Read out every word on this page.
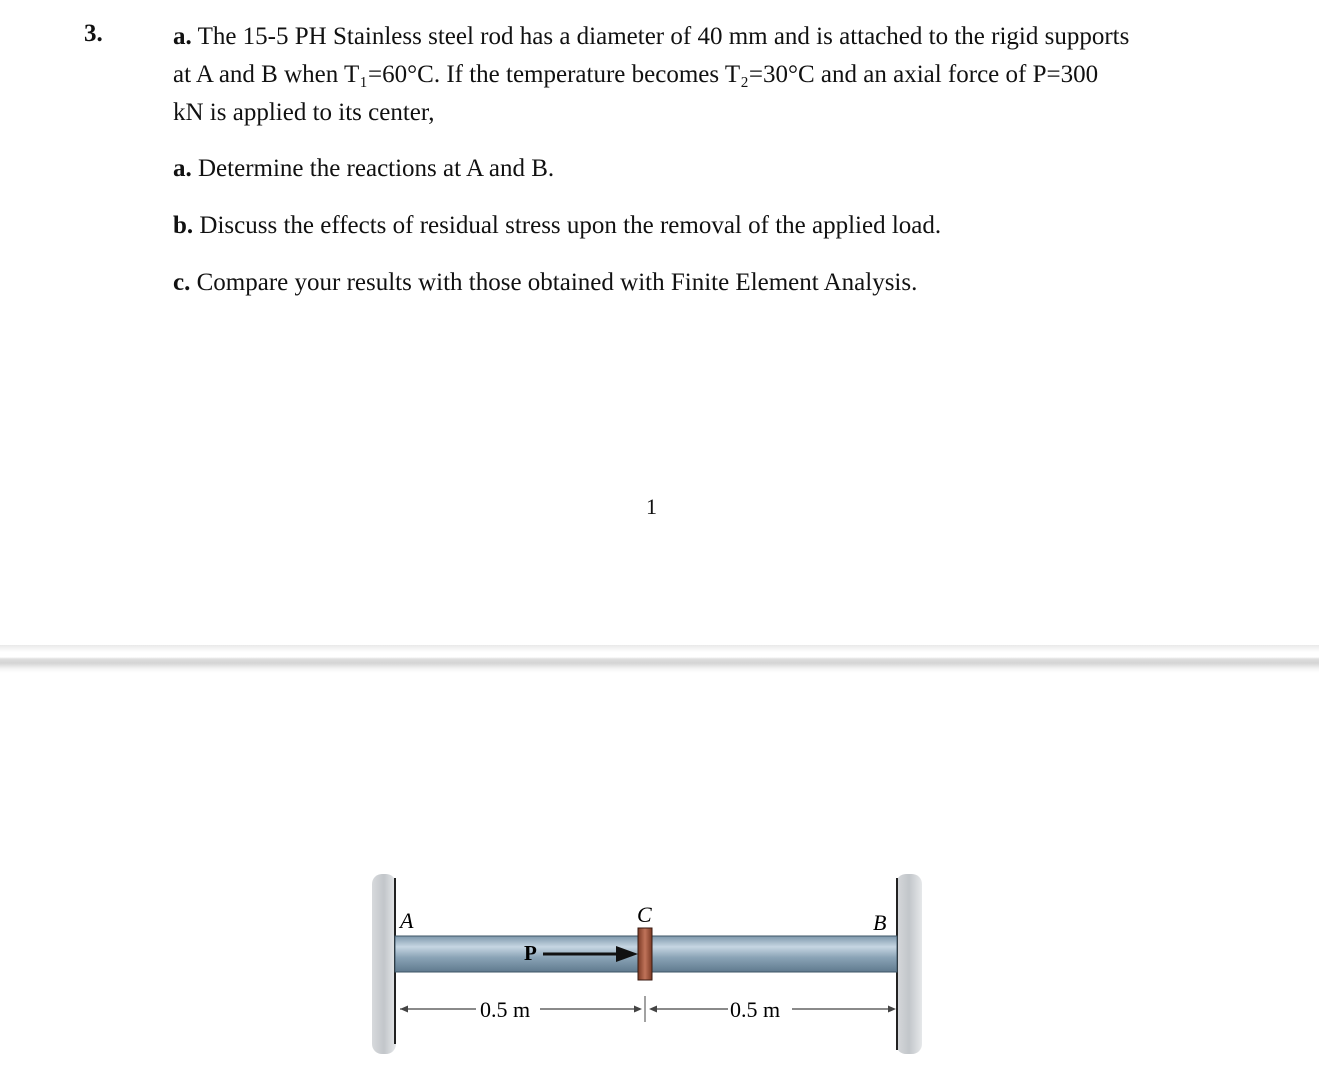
3.	a. The 15-5 PH Stainless steel rod has a diameter of 40 mm and is attached to the rigid supports
at A and B when T₁=60°C. If the temperature becomes T₂=30°C and an axial force of P=300
kN is applied to its center,
a. Determine the reactions at A and B.
b. Discuss the effects of residual stress upon the removal of the applied load.
c. Compare your results with those obtained with Finite Element Analysis.
1
A	C	B
P
0.5 m	0.5 m
